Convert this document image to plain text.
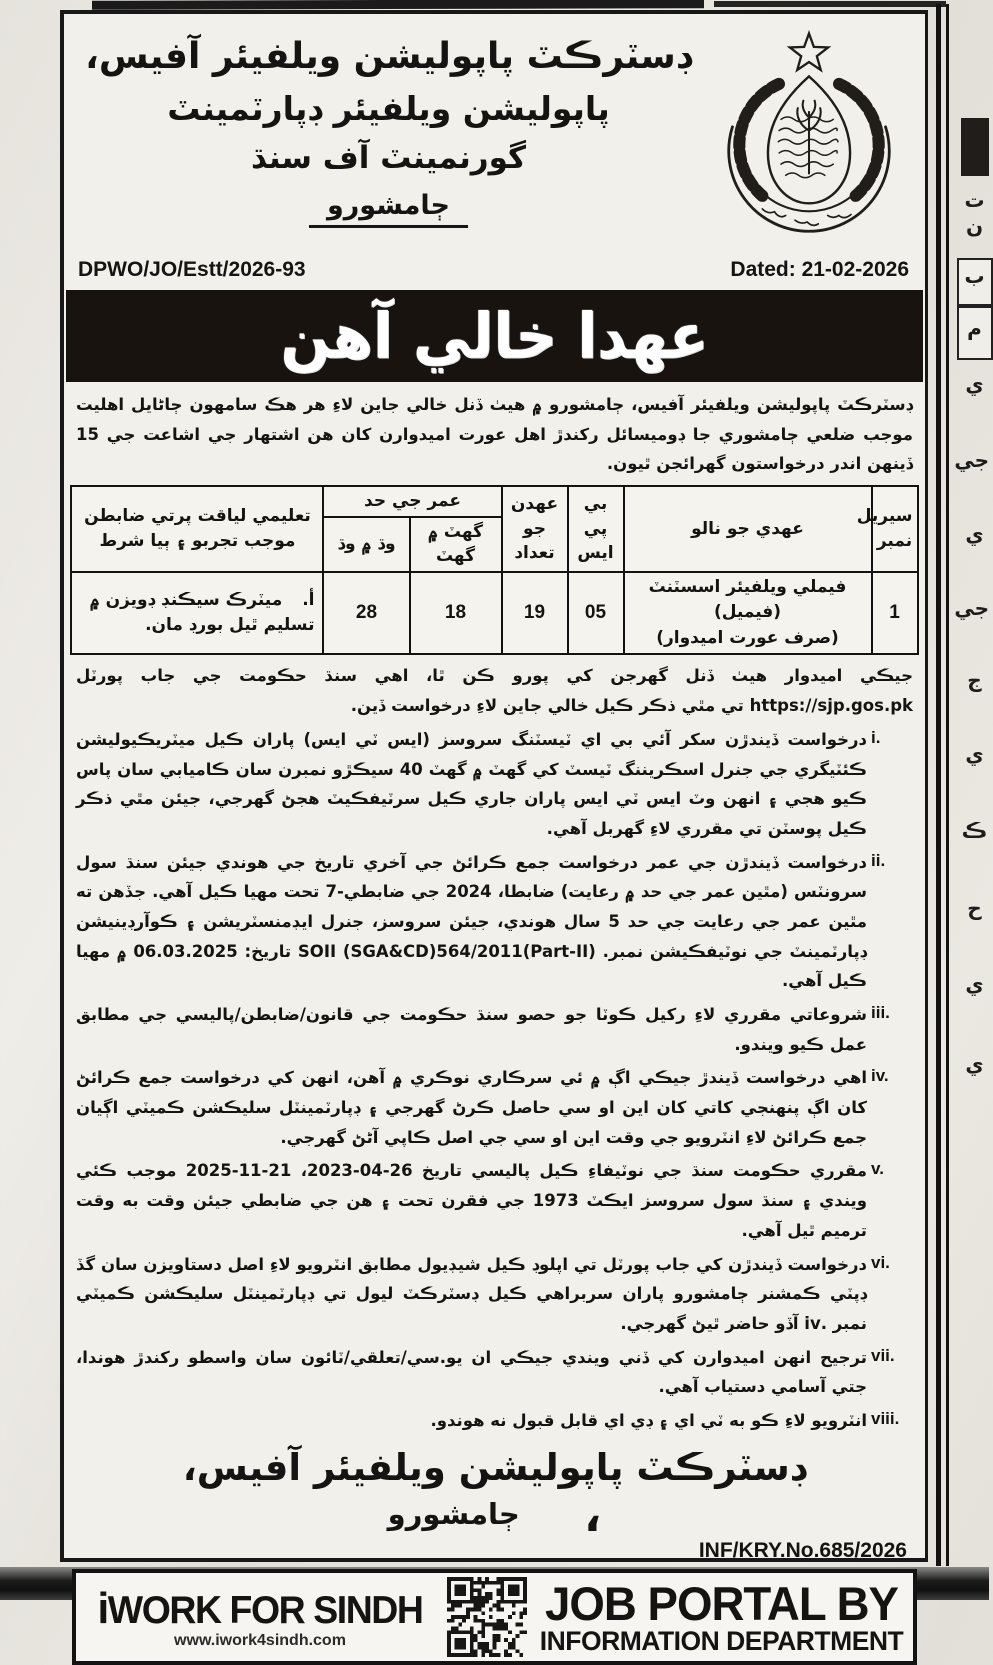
ت
ن
ب
م
ي
جي
ي
جي
ج
ي
ڪ
ح
ي
ي
ڊسٽرڪٽ پاپوليشن ويلفيئر آفيس،
پاپوليشن ويلفيئر ڊپارٽمينٽ
گورنمينٽ آف سنڌ
ڄامشورو
DPWO/JO/Estt/2026-93	Dated: 21-02-2026
عهدا خالي آهن
ڊسٽرڪٽ پاپوليشن ويلفيئر آفيس، ڄامشورو ۾ هيٺ ڏنل خالي جاين لاءِ هر هڪ سامهون ڄاڻايل اهليت موجب ضلعي ڄامشوري جا ڊوميسائل رکندڙ اهل عورت اميدوارن کان هن اشتهار جي اشاعت جي 15 ڏينهن اندر درخواستون گهرائجن ٿيون.
سيريل نمبر	عهدي جو نالو	بي پي ايس	عهدن جو تعداد	عمر جي حد		تعليمي لياقت پرتي ضابطن موجب تجربو ۽ ٻيا شرط
				گهٽ ۾ گهٽ	وڌ ۾ وڌ	
1	فيملي ويلفيئر اسسٽنٽ (فيميل)
(صرف عورت اميدوار)	05	19	18	28	أ. ميٽرڪ سيڪنڊ ڊويزن ۾ تسليم ٿيل بورڊ مان.
جيڪي اميدوار هيٺ ڏنل گهرجن کي پورو ڪن ٿا، اهي سنڌ حڪومت جي جاب پورٽل https://sjp.gos.pk تي مٿي ذڪر ڪيل خالي جاين لاءِ درخواست ڏين.
i.
درخواست ڏيندڙن سکر آئي بي اي ٽيسٽنگ سروسز (ايس ٽي ايس) پاران ڪيل ميٽريڪيوليشن ڪئٽيگري جي جنرل اسڪريننگ ٽيسٽ کي گهٽ ۾ گهٽ 40 سيڪڙو نمبرن سان ڪاميابي سان پاس ڪيو هجي ۽ انهن وٽ ايس ٽي ايس پاران جاري ڪيل سرٽيفڪيٽ هجڻ گهرجي، جيئن مٿي ذڪر ڪيل پوسٽن تي مقرري لاءِ گهربل آهي.
ii.
درخواست ڏيندڙن جي عمر درخواست جمع ڪرائڻ جي آخري تاريخ جي هوندي جيئن سنڌ سول سرونٽس (مٿين عمر جي حد ۾ رعايت) ضابطا، 2024 جي ضابطي-7 تحت مهيا ڪيل آهي. جڏهن ته مٿين عمر جي رعايت جي حد 5 سال هوندي، جيئن سروسز، جنرل ايڊمنسٽريشن ۽ ڪوآرڊينيشن ڊپارٽمينٽ جي نوٽيفڪيشن نمبر. SOII (SGA&CD)564/2011(Part-II) تاريخ: 06.03.2025 ۾ مهيا ڪيل آهي.
iii.
شروعاتي مقرري لاءِ رکيل ڪوٽا جو حصو سنڌ حڪومت جي قانون/ضابطن/پاليسي جي مطابق عمل ڪيو ويندو.
iv.
اهي درخواست ڏيندڙ جيڪي اڳ ۾ ئي سرڪاري نوڪري ۾ آهن، انهن کي درخواست جمع ڪرائڻ کان اڳ پنهنجي کاتي کان اين او سي حاصل ڪرڻ گهرجي ۽ ڊپارٽمينٽل سليڪشن ڪميٽي اڳيان جمع ڪرائڻ لاءِ انٽرويو جي وقت اين او سي جي اصل ڪاپي آڻڻ گهرجي.
v.
مقرري حڪومت سنڌ جي نوٽيفاءِ ڪيل پاليسي تاريخ 26-04-2023، 21-11-2025 موجب ڪئي ويندي ۽ سنڌ سول سروسز ايڪٽ 1973 جي فقرن تحت ۽ هن جي ضابطي جيئن وقت به وقت ترميم ٿيل آهي.
vi.
درخواست ڏيندڙن کي جاب پورٽل تي اپلوڊ ڪيل شيڊيول مطابق انٽرويو لاءِ اصل دستاويزن سان گڏ ڊپٽي ڪمشنر ڄامشورو پاران سربراهي ڪيل ڊسٽرڪٽ ليول تي ڊپارٽمينٽل سليڪشن ڪميٽي نمبر .iv آڏو حاضر ٿيڻ گهرجي.
vii.
ترجيح انهن اميدوارن کي ڏني ويندي جيڪي ان يو.سي/تعلقي/ٽائون سان واسطو رکندڙ هوندا، جتي آسامي دستياب آهي.
viii.
انٽرويو لاءِ ڪو به ٽي اي ۽ ڊي اي قابل قبول نه هوندو.
ڊسٽرڪٽ پاپوليشن ويلفيئر آفيس،
،
ڄامشورو
INF/KRY.No.685/2026
iWORK FOR SINDH
www.iwork4sindh.com
JOB PORTAL BY
INFORMATION DEPARTMENT
